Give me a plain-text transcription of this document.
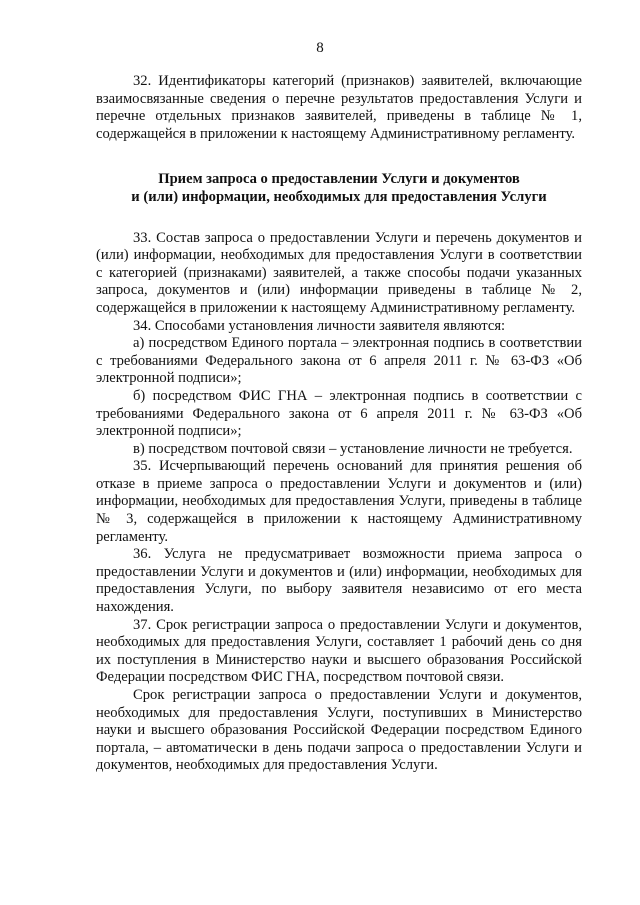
8

32. Идентификаторы категорий (признаков) заявителей, включающие взаимосвязанные сведения о перечне результатов предоставления Услуги и перечне отдельных признаков заявителей, приведены в таблице № 1, содержащейся в приложении к настоящему Административному регламенту.

Прием запроса о предоставлении Услуги и документов
и (или) информации, необходимых для предоставления Услуги

33. Состав запроса о предоставлении Услуги и перечень документов и (или) информации, необходимых для предоставления Услуги в соответствии с категорией (признаками) заявителей, а также способы подачи указанных запроса, документов и (или) информации приведены в таблице № 2, содержащейся в приложении к настоящему Административному регламенту.

34. Способами установления личности заявителя являются:

а) посредством Единого портала – электронная подпись в соответствии с требованиями Федерального закона от 6 апреля 2011 г. № 63-ФЗ «Об электронной подписи»;

б) посредством ФИС ГНА – электронная подпись в соответствии с требованиями Федерального закона от 6 апреля 2011 г. № 63-ФЗ «Об электронной подписи»;

в) посредством почтовой связи – установление личности не требуется.

35. Исчерпывающий перечень оснований для принятия решения об отказе в приеме запроса о предоставлении Услуги и документов и (или) информации, необходимых для предоставления Услуги, приведены в таблице № 3, содержащейся в приложении к настоящему Административному регламенту.

36. Услуга не предусматривает возможности приема запроса о предоставлении Услуги и документов и (или) информации, необходимых для предоставления Услуги, по выбору заявителя независимо от его места нахождения.

37. Срок регистрации запроса о предоставлении Услуги и документов, необходимых для предоставления Услуги, составляет 1 рабочий день со дня их поступления в Министерство науки и высшего образования Российской Федерации посредством ФИС ГНА, посредством почтовой связи.

Срок регистрации запроса о предоставлении Услуги и документов, необходимых для предоставления Услуги, поступивших в Министерство науки и высшего образования Российской Федерации посредством Единого портала, – автоматически в день подачи запроса о предоставлении Услуги и документов, необходимых для предоставления Услуги.
